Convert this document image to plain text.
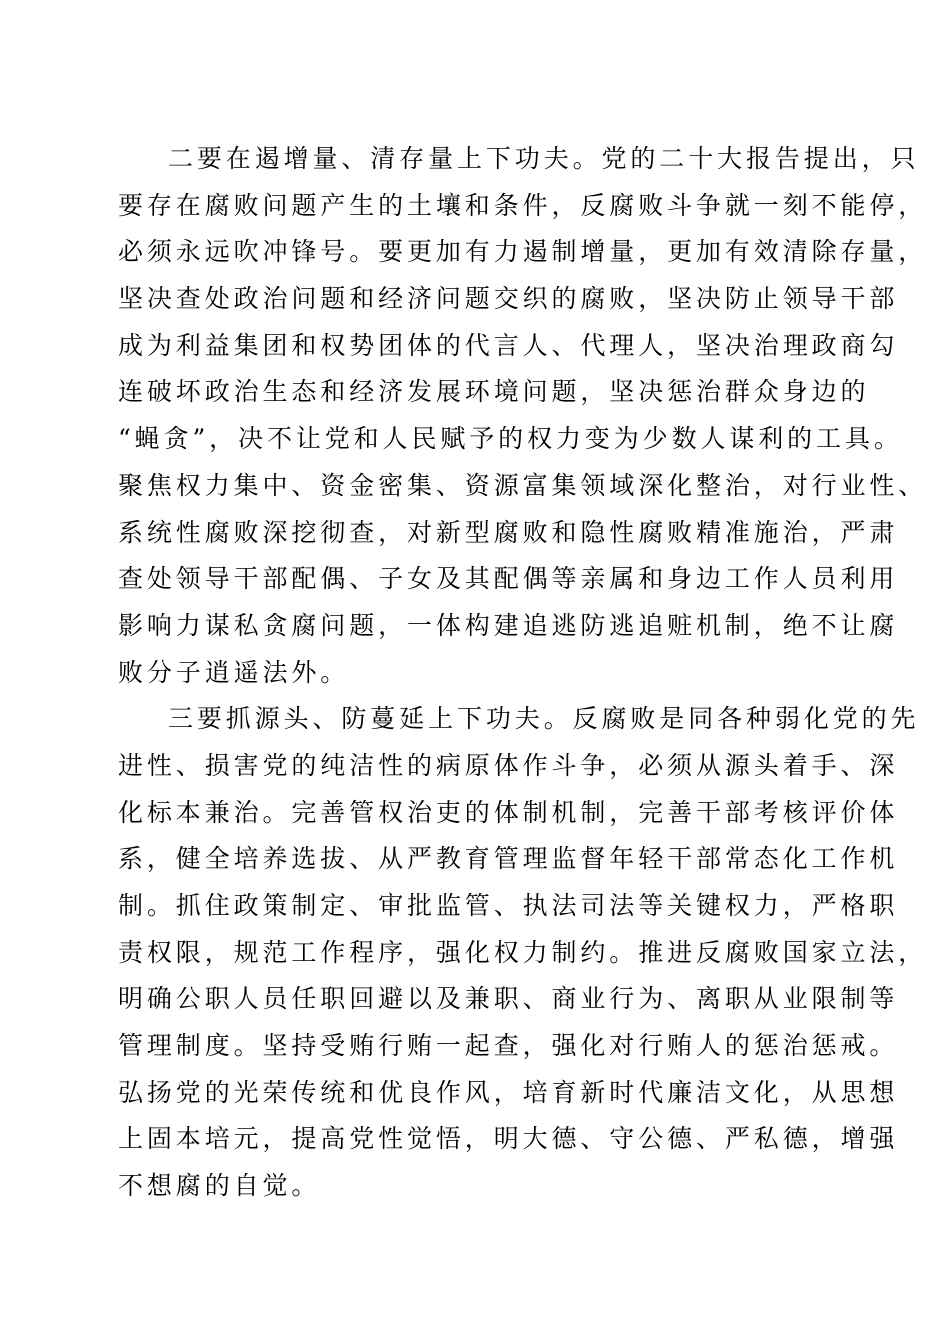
二要在遏增量、清存量上下功夫。党的二十大报告提出，只
要存在腐败问题产生的土壤和条件，反腐败斗争就一刻不能停，
必须永远吹冲锋号。要更加有力遏制增量，更加有效清除存量，
坚决查处政治问题和经济问题交织的腐败，坚决防止领导干部
成为利益集团和权势团体的代言人、代理人，坚决治理政商勾
连破坏政治生态和经济发展环境问题，坚决惩治群众身边的
“蝇贪”，决不让党和人民赋予的权力变为少数人谋利的工具。
聚焦权力集中、资金密集、资源富集领域深化整治，对行业性、
系统性腐败深挖彻查，对新型腐败和隐性腐败精准施治，严肃
查处领导干部配偶、子女及其配偶等亲属和身边工作人员利用
影响力谋私贪腐问题，一体构建追逃防逃追赃机制，绝不让腐
败分子逍遥法外。
三要抓源头、防蔓延上下功夫。反腐败是同各种弱化党的先
进性、损害党的纯洁性的病原体作斗争，必须从源头着手、深
化标本兼治。完善管权治吏的体制机制，完善干部考核评价体
系，健全培养选拔、从严教育管理监督年轻干部常态化工作机
制。抓住政策制定、审批监管、执法司法等关键权力，严格职
责权限，规范工作程序，强化权力制约。推进反腐败国家立法，
明确公职人员任职回避以及兼职、商业行为、离职从业限制等
管理制度。坚持受贿行贿一起查，强化对行贿人的惩治惩戒。
弘扬党的光荣传统和优良作风，培育新时代廉洁文化，从思想
上固本培元，提高党性觉悟，明大德、守公德、严私德，增强
不想腐的自觉。
